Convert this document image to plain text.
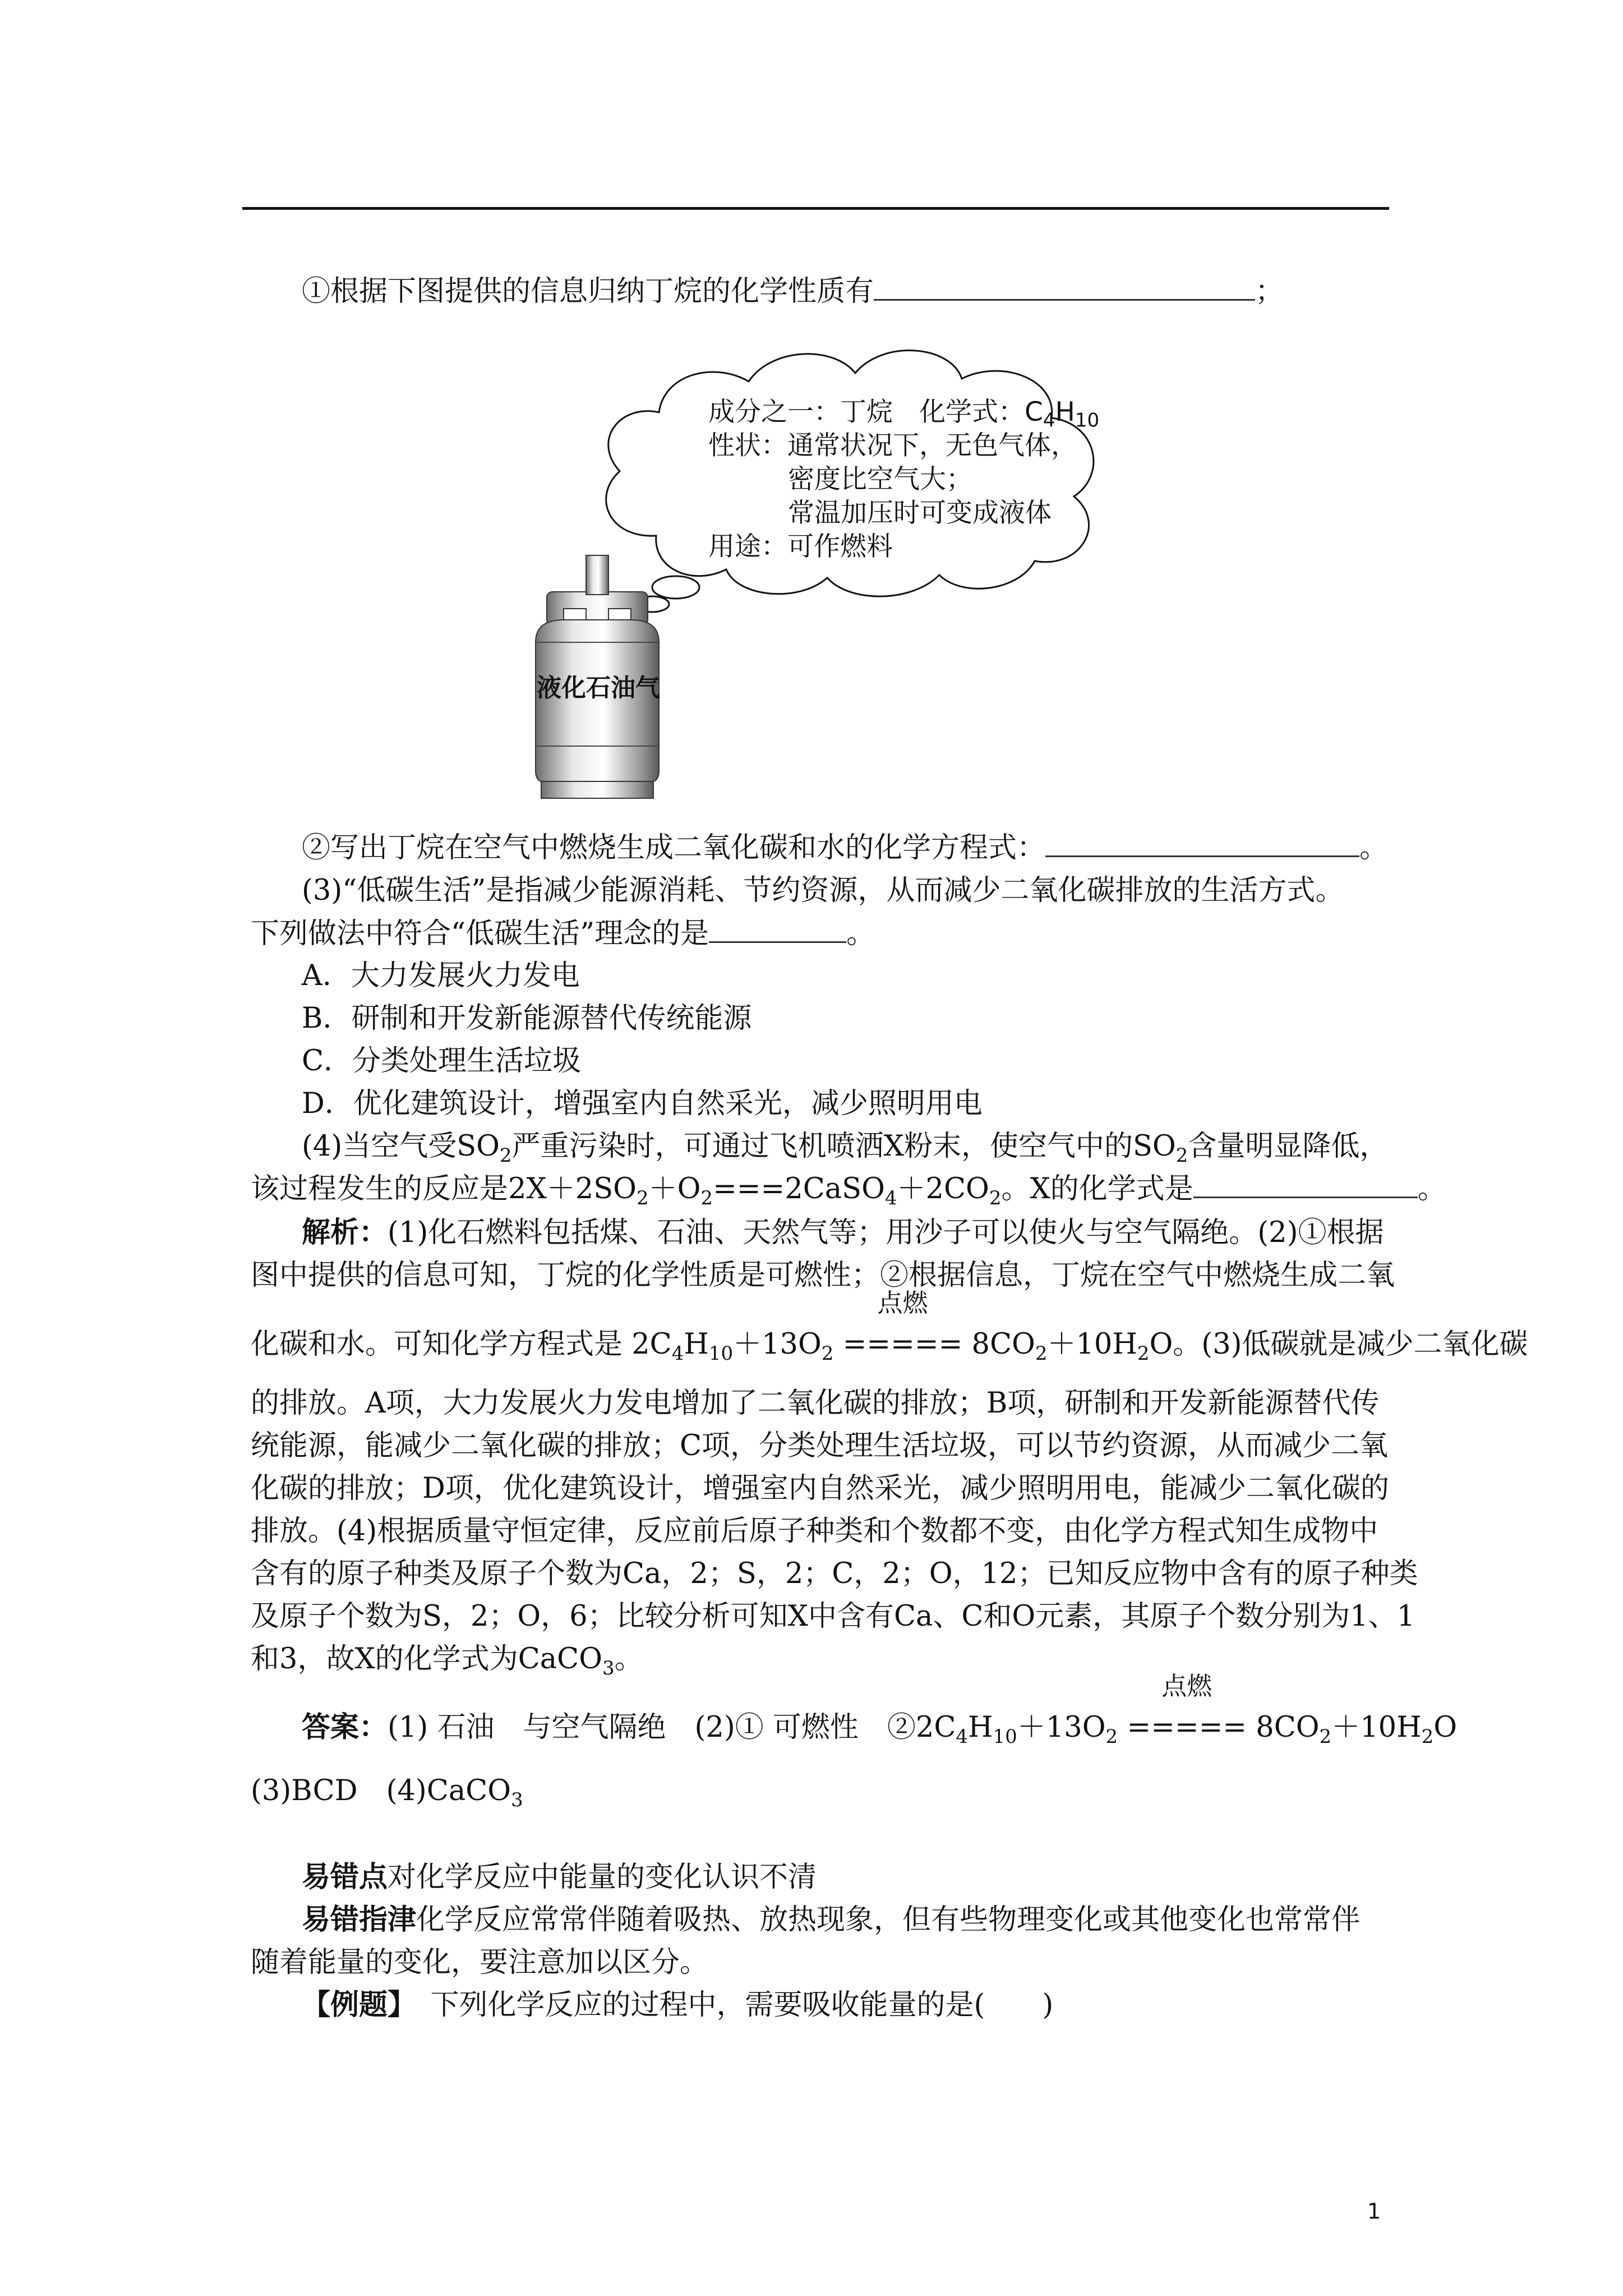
①根据下图提供的信息归纳丁烷的化学性质有	；
成分之一：丁烷　化学式：$C_4H_{10}$
性状：通常状况下，无色气体，
密度比空气大；
常温加压时可变成液体
用途：可作燃料
液化石油气
②写出丁烷在空气中燃烧生成二氧化碳和水的化学方程式：	。
(3)“低碳生活”是指减少能源消耗、节约资源，从而减少二氧化碳排放的生活方式。
下列做法中符合“低碳生活”理念的是	。
A．大力发展火力发电
B．研制和开发新能源替代传统能源
C．分类处理生活垃圾
D．优化建筑设计，增强室内自然采光，减少照明用电
(4)当空气受$SO_2$严重污染时，可通过飞机喷洒X粉末，使空气中的$SO_2$含量明显降低，
该过程发生的反应是$2X+2SO_2+O_2===2CaSO_4+2CO_2$。X的化学式是	。
解析：(1)化石燃料包括煤、石油、天然气等；用沙子可以使火与空气隔绝。(2)①根据
图中提供的信息可知，丁烷的化学性质是可燃性；②根据信息，丁烷在空气中燃烧生成二氧
化碳和水。可知化学方程式是 $2C_4H_{10}+13O_2$
点燃
===== $8CO_2+10H_2O$。(3)低碳就是减少二氧化碳
的排放。A项，大力发展火力发电增加了二氧化碳的排放；B项，研制和开发新能源替代传
统能源，能减少二氧化碳的排放；C项，分类处理生活垃圾，可以节约资源，从而减少二氧
化碳的排放；D项，优化建筑设计，增强室内自然采光，减少照明用电，能减少二氧化碳的
排放。(4)根据质量守恒定律，反应前后原子种类和个数都不变，由化学方程式知生成物中
含有的原子种类及原子个数为Ca，2；S，2；C，2；O，12；已知反应物中含有的原子种类
及原子个数为S，2；O，6；比较分析可知X中含有Ca、C和O元素，其原子个数分别为1、1
和3，故X的化学式为CaCO$_3$。
答案：(1) 石油　与空气隔绝　(2)① 可燃性　$②2C_4H_{10}+13O_2$
点燃
===== $8CO_2+10H_2O$
(3)BCD　(4)CaCO$_3$
易错点对化学反应中能量的变化认识不清
易错指津化学反应常常伴随着吸热、放热现象，但有些物理变化或其他变化也常常伴
随着能量的变化，要注意加以区分。
【例题】　 下列化学反应的过程中，需要吸收能量的是(　　)
1
